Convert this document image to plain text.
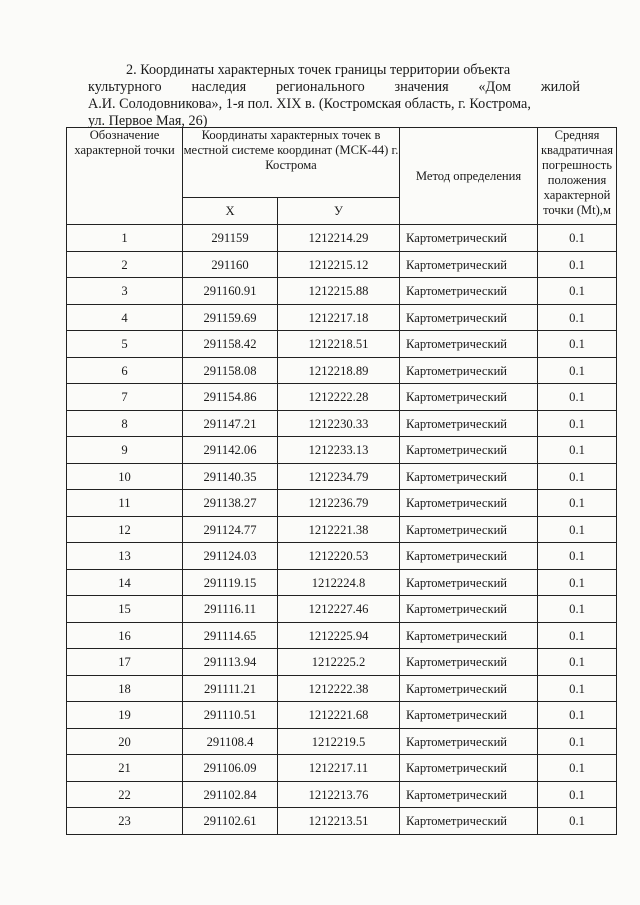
2. Координаты характерных точек границы территории объекта

культурного наследия регионального значения «Дом жилой

А.И. Солодовникова», 1-я пол. XIX в. (Костромская область, г. Кострома,

ул. Первое Мая, 26)

Обозначение характерной точки	Координаты характерных точек в местной системе координат (МСК-44) г. Кострома		Метод определения	Средняя квадратичная погрешность положения характерной точки (Mt),м
	X	У		
1	291159	1212214.29	Картометрический	0.1
2	291160	1212215.12	Картометрический	0.1
3	291160.91	1212215.88	Картометрический	0.1
4	291159.69	1212217.18	Картометрический	0.1
5	291158.42	1212218.51	Картометрический	0.1
6	291158.08	1212218.89	Картометрический	0.1
7	291154.86	1212222.28	Картометрический	0.1
8	291147.21	1212230.33	Картометрический	0.1
9	291142.06	1212233.13	Картометрический	0.1
10	291140.35	1212234.79	Картометрический	0.1
11	291138.27	1212236.79	Картометрический	0.1
12	291124.77	1212221.38	Картометрический	0.1
13	291124.03	1212220.53	Картометрический	0.1
14	291119.15	1212224.8	Картометрический	0.1
15	291116.11	1212227.46	Картометрический	0.1
16	291114.65	1212225.94	Картометрический	0.1
17	291113.94	1212225.2	Картометрический	0.1
18	291111.21	1212222.38	Картометрический	0.1
19	291110.51	1212221.68	Картометрический	0.1
20	291108.4	1212219.5	Картометрический	0.1
21	291106.09	1212217.11	Картометрический	0.1
22	291102.84	1212213.76	Картометрический	0.1
23	291102.61	1212213.51	Картометрический	0.1
